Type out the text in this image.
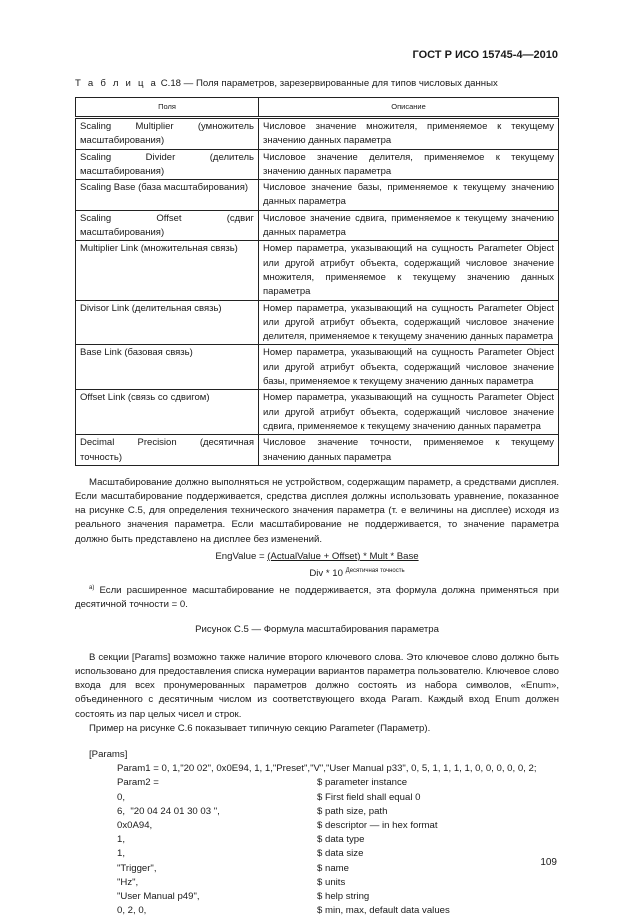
ГОСТ Р ИСО 15745-4—2010
Т а б л и ц а С.18 — Поля параметров, зарезервированные для типов числовых данных
Поля	Описание
Scaling Multiplier (умножитель масштабирования)	Числовое значение множителя, применяемое к текущему значению данных параметра
Scaling Divider (делитель масштабирования)	Числовое значение делителя, применяемое к текущему значению данных параметра
Scaling Base (база масштабирования)	Числовое значение базы, применяемое к текущему значению данных параметра
Scaling Offset (сдвиг масштабирования)	Числовое значение сдвига, применяемое к текущему значению данных параметра
Multiplier Link (множительная связь)	Номер параметра, указывающий на сущность Parameter Object или другой атрибут объекта, содержащий числовое значение множителя, применяемое к текущему значению данных параметра
Divisor Link (делительная связь)	Номер параметра, указывающий на сущность Parameter Object или другой атрибут объекта, содержащий числовое значение делителя, применяемое к текущему значению данных параметра
Base Link (базовая связь)	Номер параметра, указывающий на сущность Parameter Object или другой атрибут объекта, содержащий числовое значение базы, применяемое к текущему значению данных параметра
Offset Link (связь со сдвигом)	Номер параметра, указывающий на сущность Parameter Object или другой атрибут объекта, содержащий числовое значение сдвига, применяемое к текущему значению данных параметра
Decimal Precision (десятичная точность)	Числовое значение точности, применяемое к текущему значению данных параметра

Масштабирование должно выполняться не устройством, содержащим параметр, а средствами дисплея. Если масштабирование поддерживается, средства дисплея должны использовать уравнение, показанное на рисунке С.5, для определения технического значения параметра (т. е величины на дисплее) исходя из реального значения параметра. Если масштабирование не поддерживается, то значение параметра должно быть представлено на дисплее без изменений.

EngValue = (ActualValue + Offset) * Mult * Base
Div * 10 $^{Десятичная точность}$

$^{а)}$ Если расширенное масштабирование не поддерживается, эта формула должна применяться при десятичной точности = 0.

Рисунок С.5 — Формула масштабирования параметра

В секции [Params] возможно также наличие второго ключевого слова. Это ключевое слово должно быть использовано для предоставления списка нумерации вариантов параметра пользователю. Ключевое слово входа для всех пронумерованных параметров должно состоять из набора символов, «Enum», объединенного с десятичным числом из соответствующего входа Param. Каждый вход Enum должен состоять из пар целых чисел и строк.

Пример на рисунке С.6 показывает типичную секцию Parameter (Параметр).

[Params]
Param1 = 0, 1,"20 02", 0x0E94, 1, 1,"Preset","V","User Manual p33", 0, 5, 1, 1, 1, 1, 0, 0, 0, 0, 0, 2;
Param2 =	$ parameter instance
0,	$ First field shall equal 0
6,  "20 04 24 01 30 03 ",	$ path size, path
0x0A94,	$ descriptor — in hex format
1,	$ data type
1,	$ data size
"Trigger",	$ name
"Hz",	$ units
"User Manual p49",	$ help string
0, 2, 0,	$ min, max, default data values
109
